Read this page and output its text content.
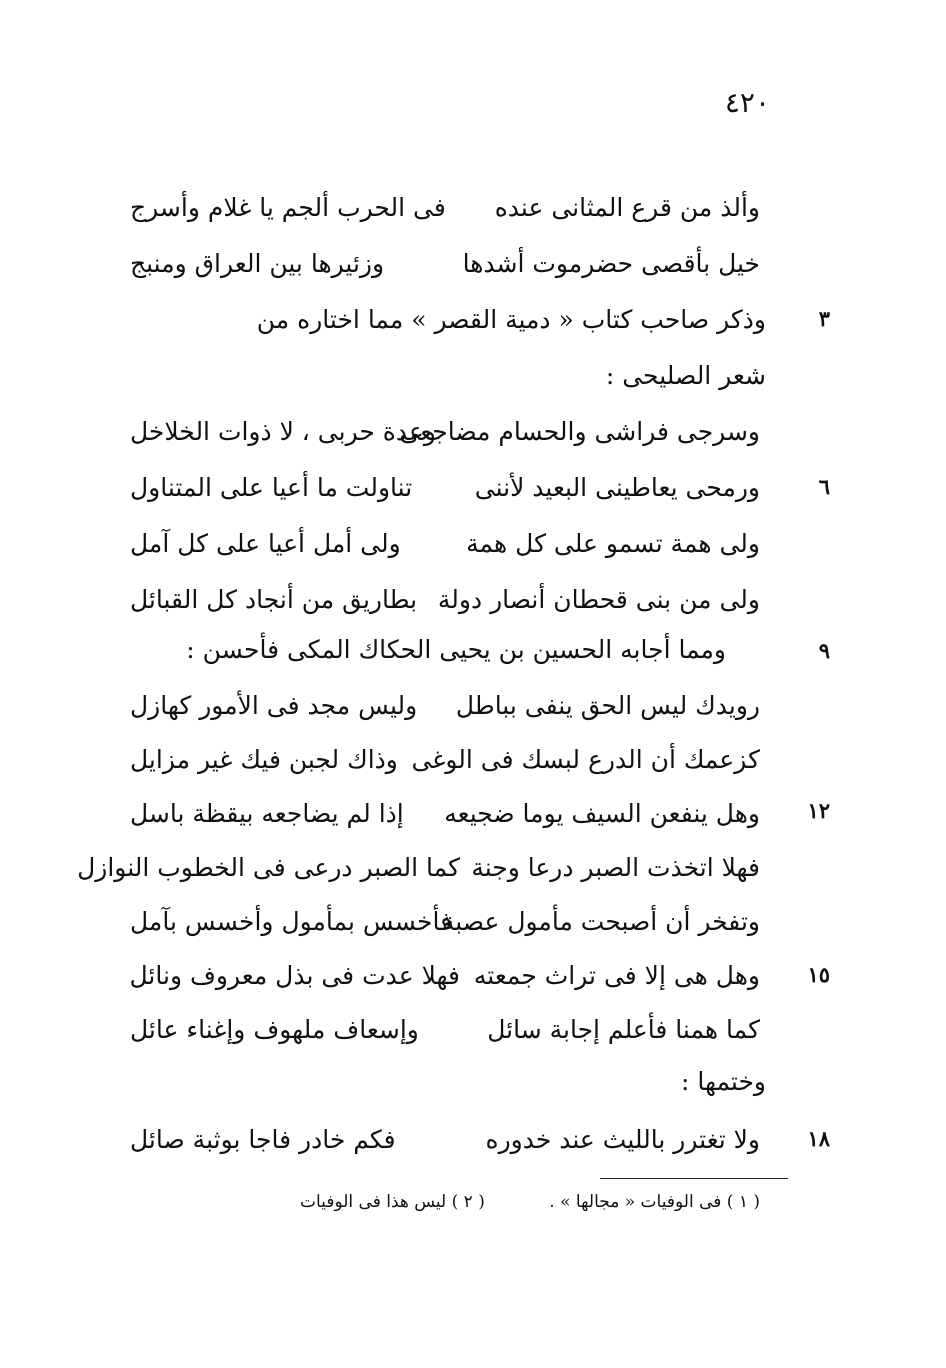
٤٢٠
وألذ من قرع المثانى عنده
فى الحرب ألجم يا غلام وأسرج
خيل بأقصى حضرموت أشدها
وزئيرها بين العراق ومنبج
٣
وذكر صاحب كتاب « دمية القصر » مما اختاره من
شعر الصليحى :
وسرجى فراشى والحسام مضاجعى
وعدة حربى ، لا ذوات الخلاخل
٦
ورمحى يعاطينى البعيد لأننى
تناولت ما أعيا على المتناول
ولى همة تسمو على كل همة
ولى أمل أعيا على كل آمل
ولى من بنى قحطان أنصار دولة
بطاريق من أنجاد كل القبائل
٩
ومما أجابه الحسين بن يحيى الحكاك المكى فأحسن :
رويدك ليس الحق ينفى بباطل
وليس مجد فى الأمور كهازل
كزعمك أن الدرع لبسك فى الوغى
وذاك لجبن فيك غير مزايل
١٢
وهل ينفعن السيف يوما ضجيعه
إذا لم يضاجعه بيقظة باسل
فهلا اتخذت الصبر درعا وجنة
كما الصبر درعى فى الخطوب النوازل
وتفخر أن أصبحت مأمول عصبة
فأخسس بمأمول وأخسس بآمل
١٥
وهل هى إلا فى تراث جمعته
فهلا عدت فى بذل معروف ونائل
كما همنا فأعلم إجابة سائل
وإسعاف ملهوف وإغناء عائل
وختمها :
١٨
ولا تغترر بالليث عند خدوره
فكم خادر فاجا بوثبة صائل
( ١ ) فى الوفيات « مجالها » .
( ٢ ) ليس هذا فى الوفيات
